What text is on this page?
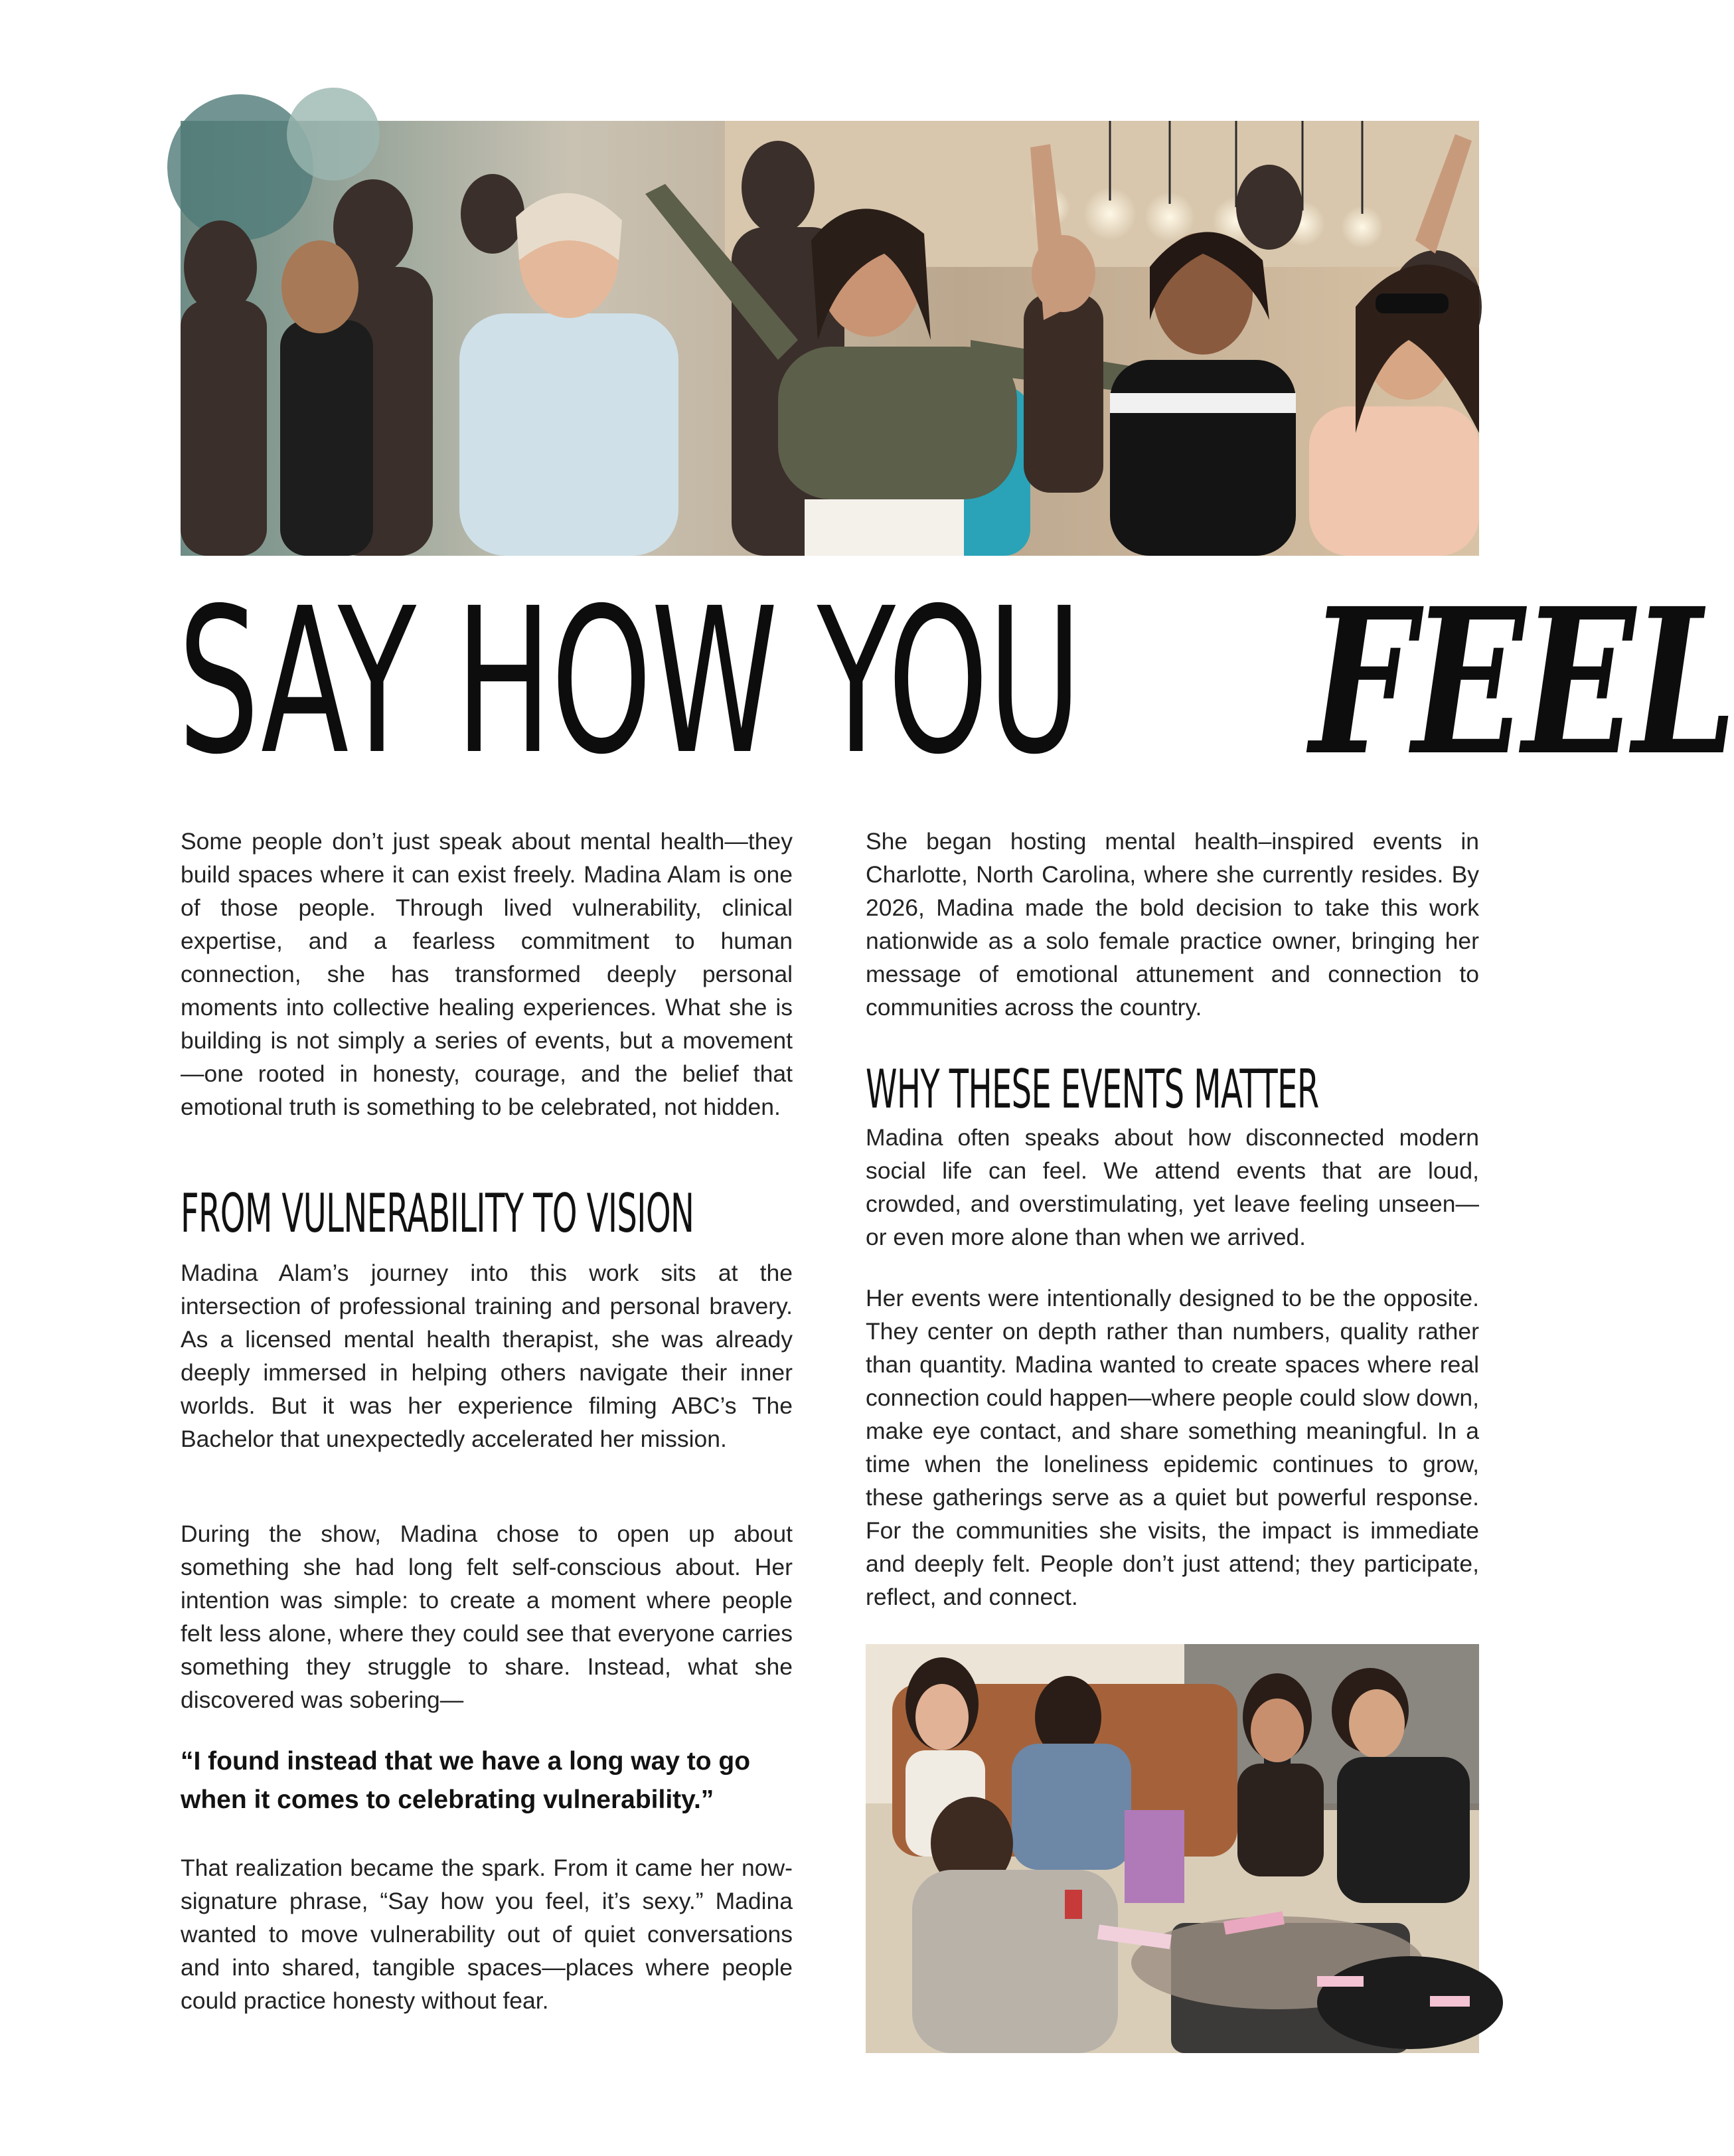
SAY HOW YOU FEEL

Some people don’t just speak about mental health—they build spaces where it can exist freely. Madina Alam is one of those people. Through lived vulnerability, clinical expertise, and a fearless commitment to human connection, she has transformed deeply personal moments into collective healing experiences. What she is building is not simply a series of events, but a movement—one rooted in honesty, courage, and the belief that emotional truth is something to be celebrated, not hidden.

FROM VULNERABILITY TO VISION

Madina Alam’s journey into this work sits at the intersection of professional training and personal bravery. As a licensed mental health therapist, she was already deeply immersed in helping others navigate their inner worlds. But it was her experience filming ABC’s The Bachelor that unexpectedly accelerated her mission.

During the show, Madina chose to open up about something she had long felt self-conscious about. Her intention was simple: to create a moment where people felt less alone, where they could see that everyone carries something they struggle to share. Instead, what she discovered was sobering—

“I found instead that we have a long way to go when it comes to celebrating vulnerability.”

That realization became the spark. From it came her now-signature phrase, “Say how you feel, it’s sexy.” Madina wanted to move vulnerability out of quiet conversations and into shared, tangible spaces—places where people could practice honesty without fear.

She began hosting mental health–inspired events in Charlotte, North Carolina, where she currently resides. By 2026, Madina made the bold decision to take this work nationwide as a solo female practice owner, bringing her message of emotional attunement and connection to communities across the country.

WHY THESE EVENTS MATTER

Madina often speaks about how disconnected modern social life can feel. We attend events that are loud, crowded, and overstimulating, yet leave feeling unseen—or even more alone than when we arrived.

Her events were intentionally designed to be the opposite. They center on depth rather than numbers, quality rather than quantity. Madina wanted to create spaces where real connection could happen—where people could slow down, make eye contact, and share something meaningful. In a time when the loneliness epidemic continues to grow, these gatherings serve as a quiet but powerful response. For the communities she visits, the impact is immediate and deeply felt. People don’t just attend; they participate, reflect, and connect.
